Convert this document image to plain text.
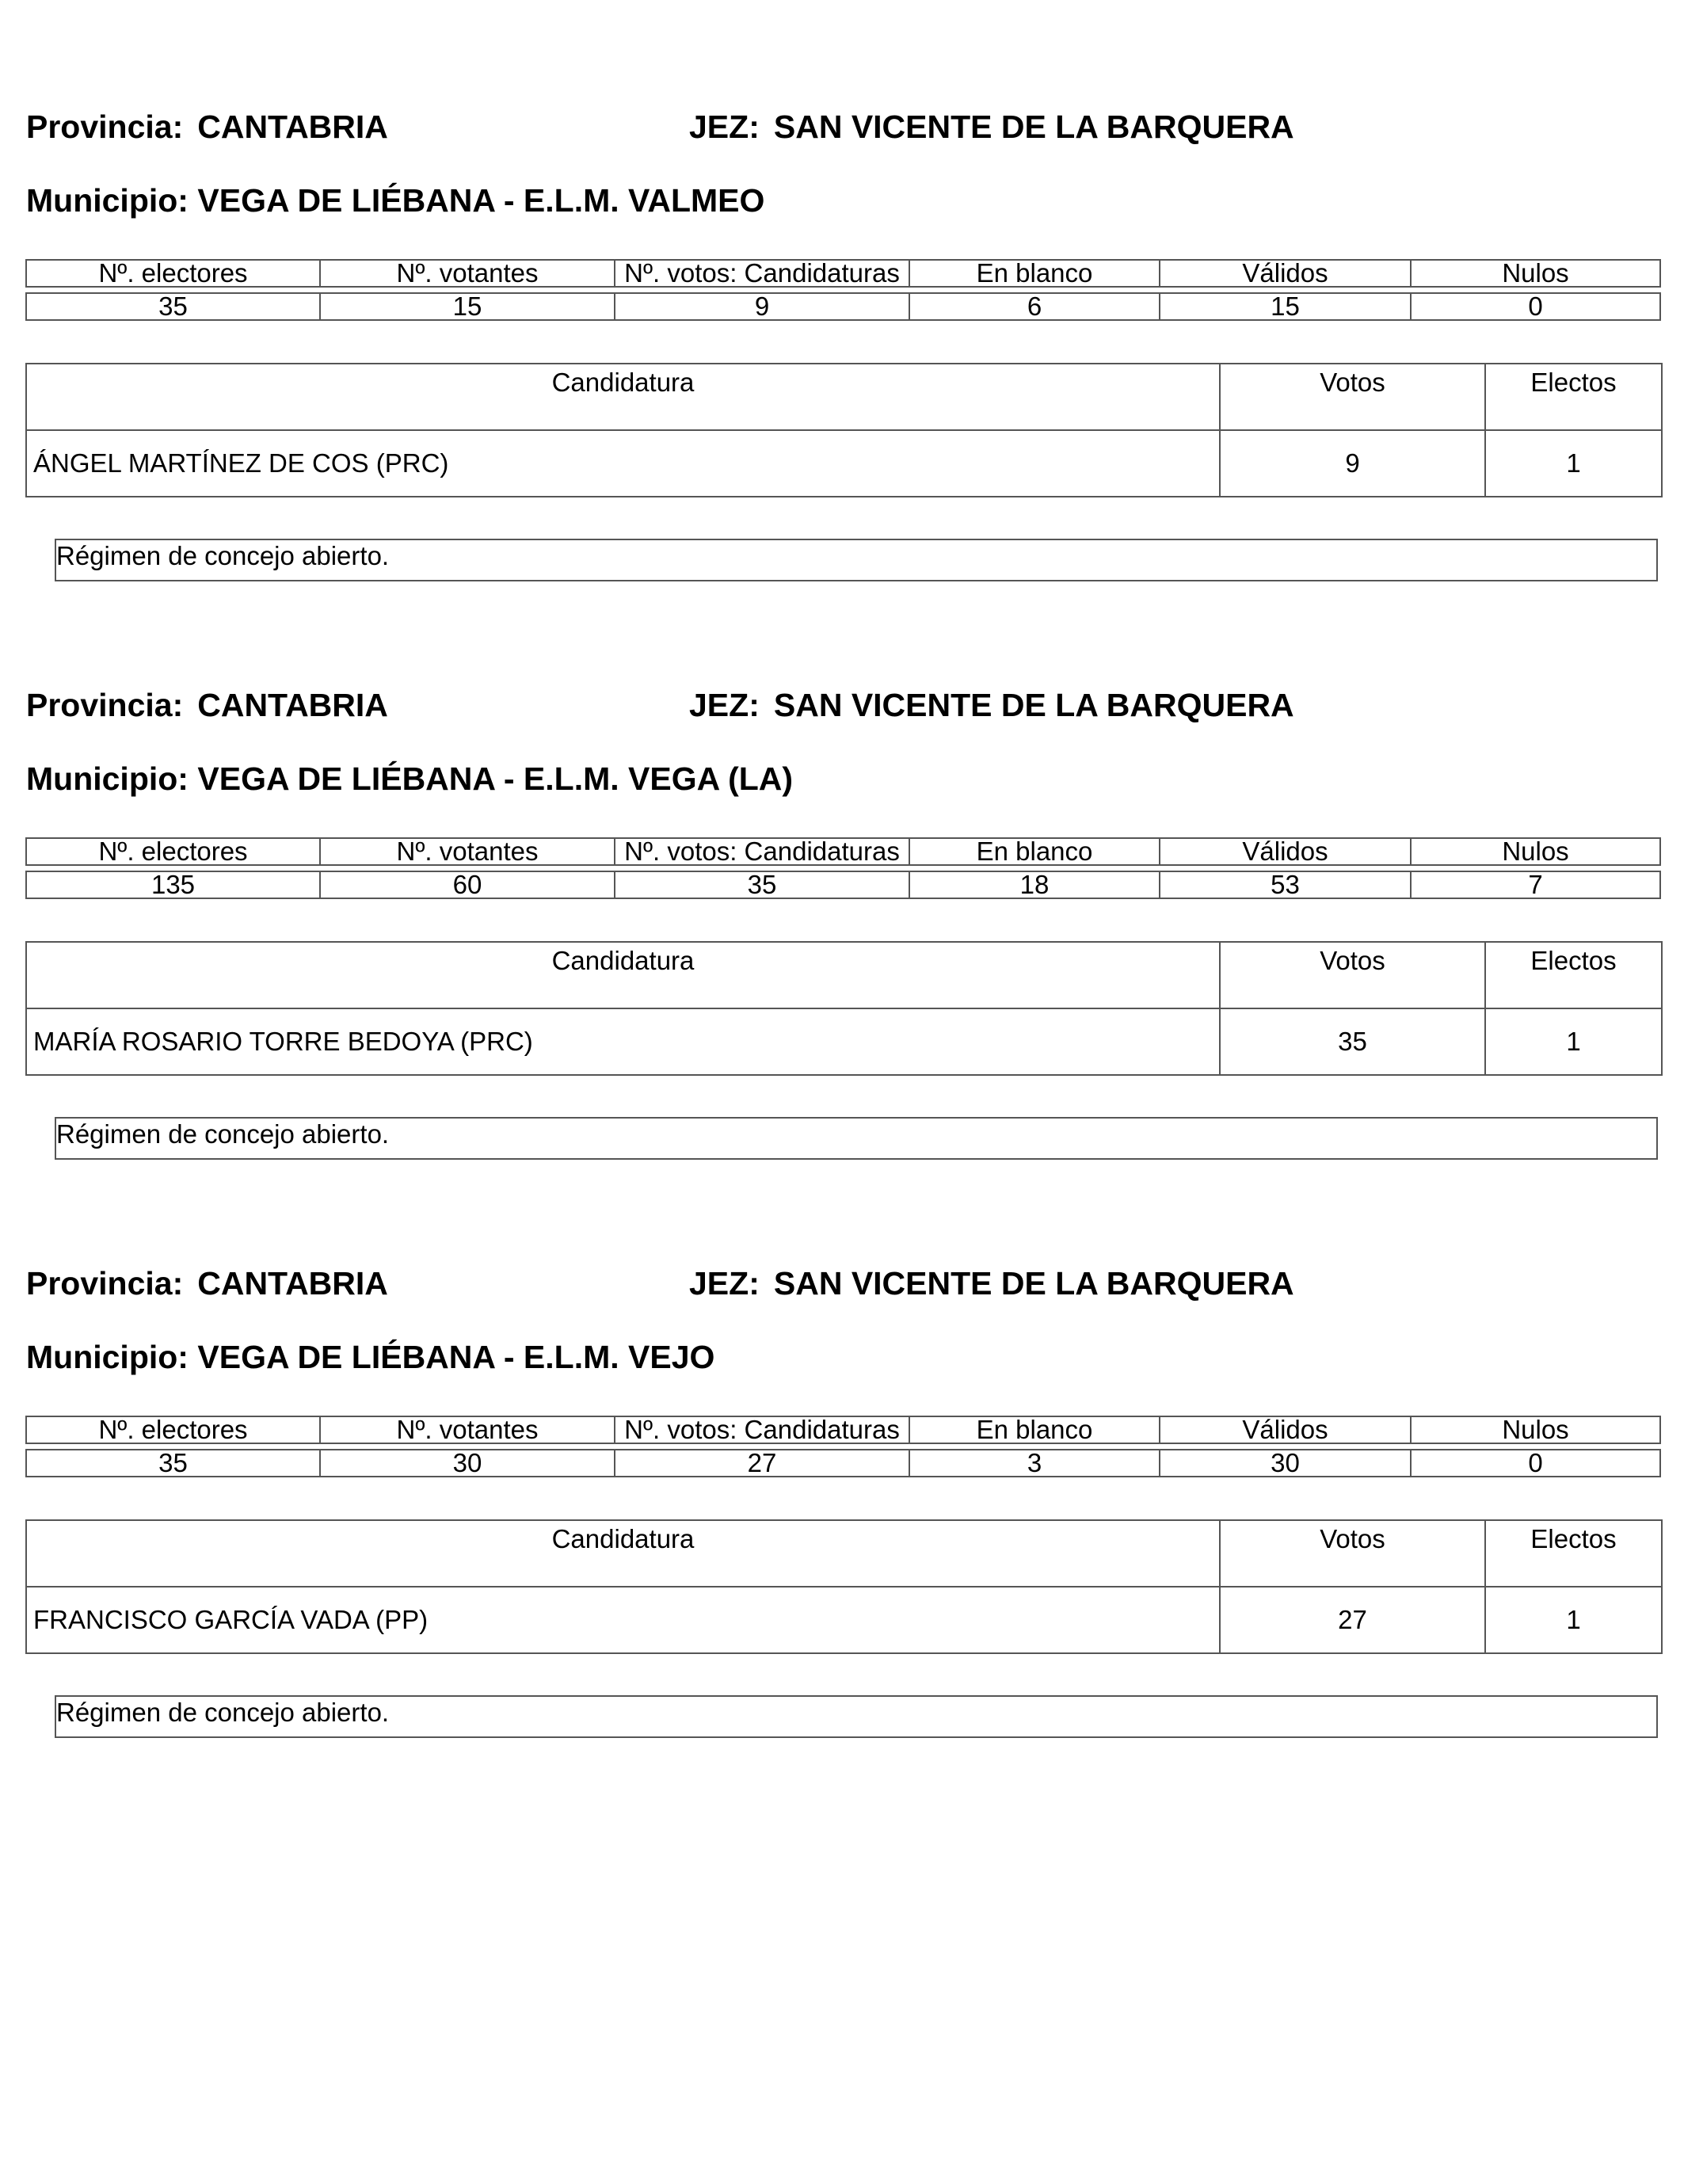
Provincia: CANTABRIA	JEZ: SAN VICENTE DE LA BARQUERA
Municipio: VEGA DE LIÉBANA - E.L.M. VALMEO
Nº. electores	Nº. votantes	Nº. votos: Candidaturas	En blanco	Válidos	Nulos
35	15	9	6	15	0
Candidatura	Votos	Electos
ÁNGEL MARTÍNEZ DE COS (PRC)	9	1
Régimen de concejo abierto.
Provincia: CANTABRIA	JEZ: SAN VICENTE DE LA BARQUERA
Municipio: VEGA DE LIÉBANA - E.L.M. VEGA (LA)
Nº. electores	Nº. votantes	Nº. votos: Candidaturas	En blanco	Válidos	Nulos
135	60	35	18	53	7
Candidatura	Votos	Electos
MARÍA ROSARIO TORRE BEDOYA (PRC)	35	1
Régimen de concejo abierto.
Provincia: CANTABRIA	JEZ: SAN VICENTE DE LA BARQUERA
Municipio: VEGA DE LIÉBANA - E.L.M. VEJO
Nº. electores	Nº. votantes	Nº. votos: Candidaturas	En blanco	Válidos	Nulos
35	30	27	3	30	0
Candidatura	Votos	Electos
FRANCISCO GARCÍA VADA (PP)	27	1
Régimen de concejo abierto.
